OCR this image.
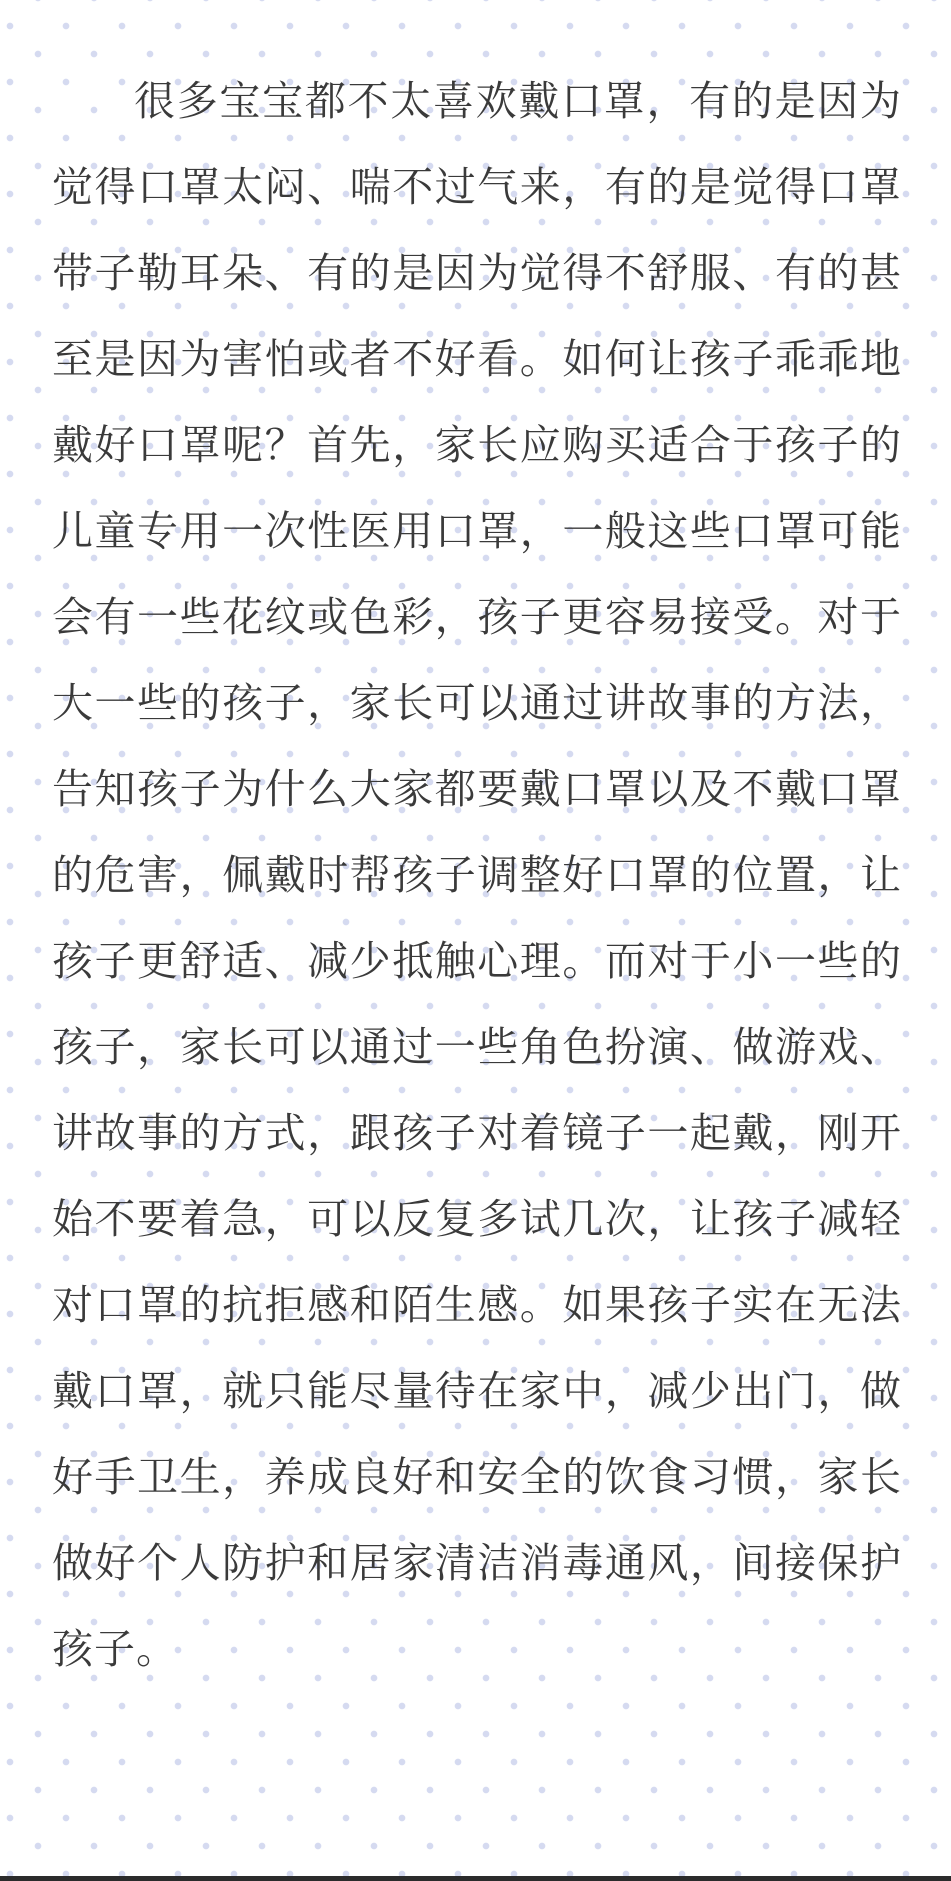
很多宝宝都不太喜欢戴口罩，有的是因为觉得口罩太闷、喘不过气来，有的是觉得口罩带子勒耳朵、有的是因为觉得不舒服、有的甚至是因为害怕或者不好看。如何让孩子乖乖地戴好口罩呢？首先，家长应购买适合于孩子的儿童专用一次性医用口罩，一般这些口罩可能会有一些花纹或色彩，孩子更容易接受。对于大一些的孩子，家长可以通过讲故事的方法，告知孩子为什么大家都要戴口罩以及不戴口罩的危害，佩戴时帮孩子调整好口罩的位置，让孩子更舒适、减少抵触心理。而对于小一些的孩子，家长可以通过一些角色扮演、做游戏、讲故事的方式，跟孩子对着镜子一起戴，刚开始不要着急，可以反复多试几次，让孩子减轻对口罩的抗拒感和陌生感。如果孩子实在无法戴口罩，就只能尽量待在家中，减少出门，做好手卫生，养成良好和安全的饮食习惯，家长做好个人防护和居家清洁消毒通风，间接保护孩子。
